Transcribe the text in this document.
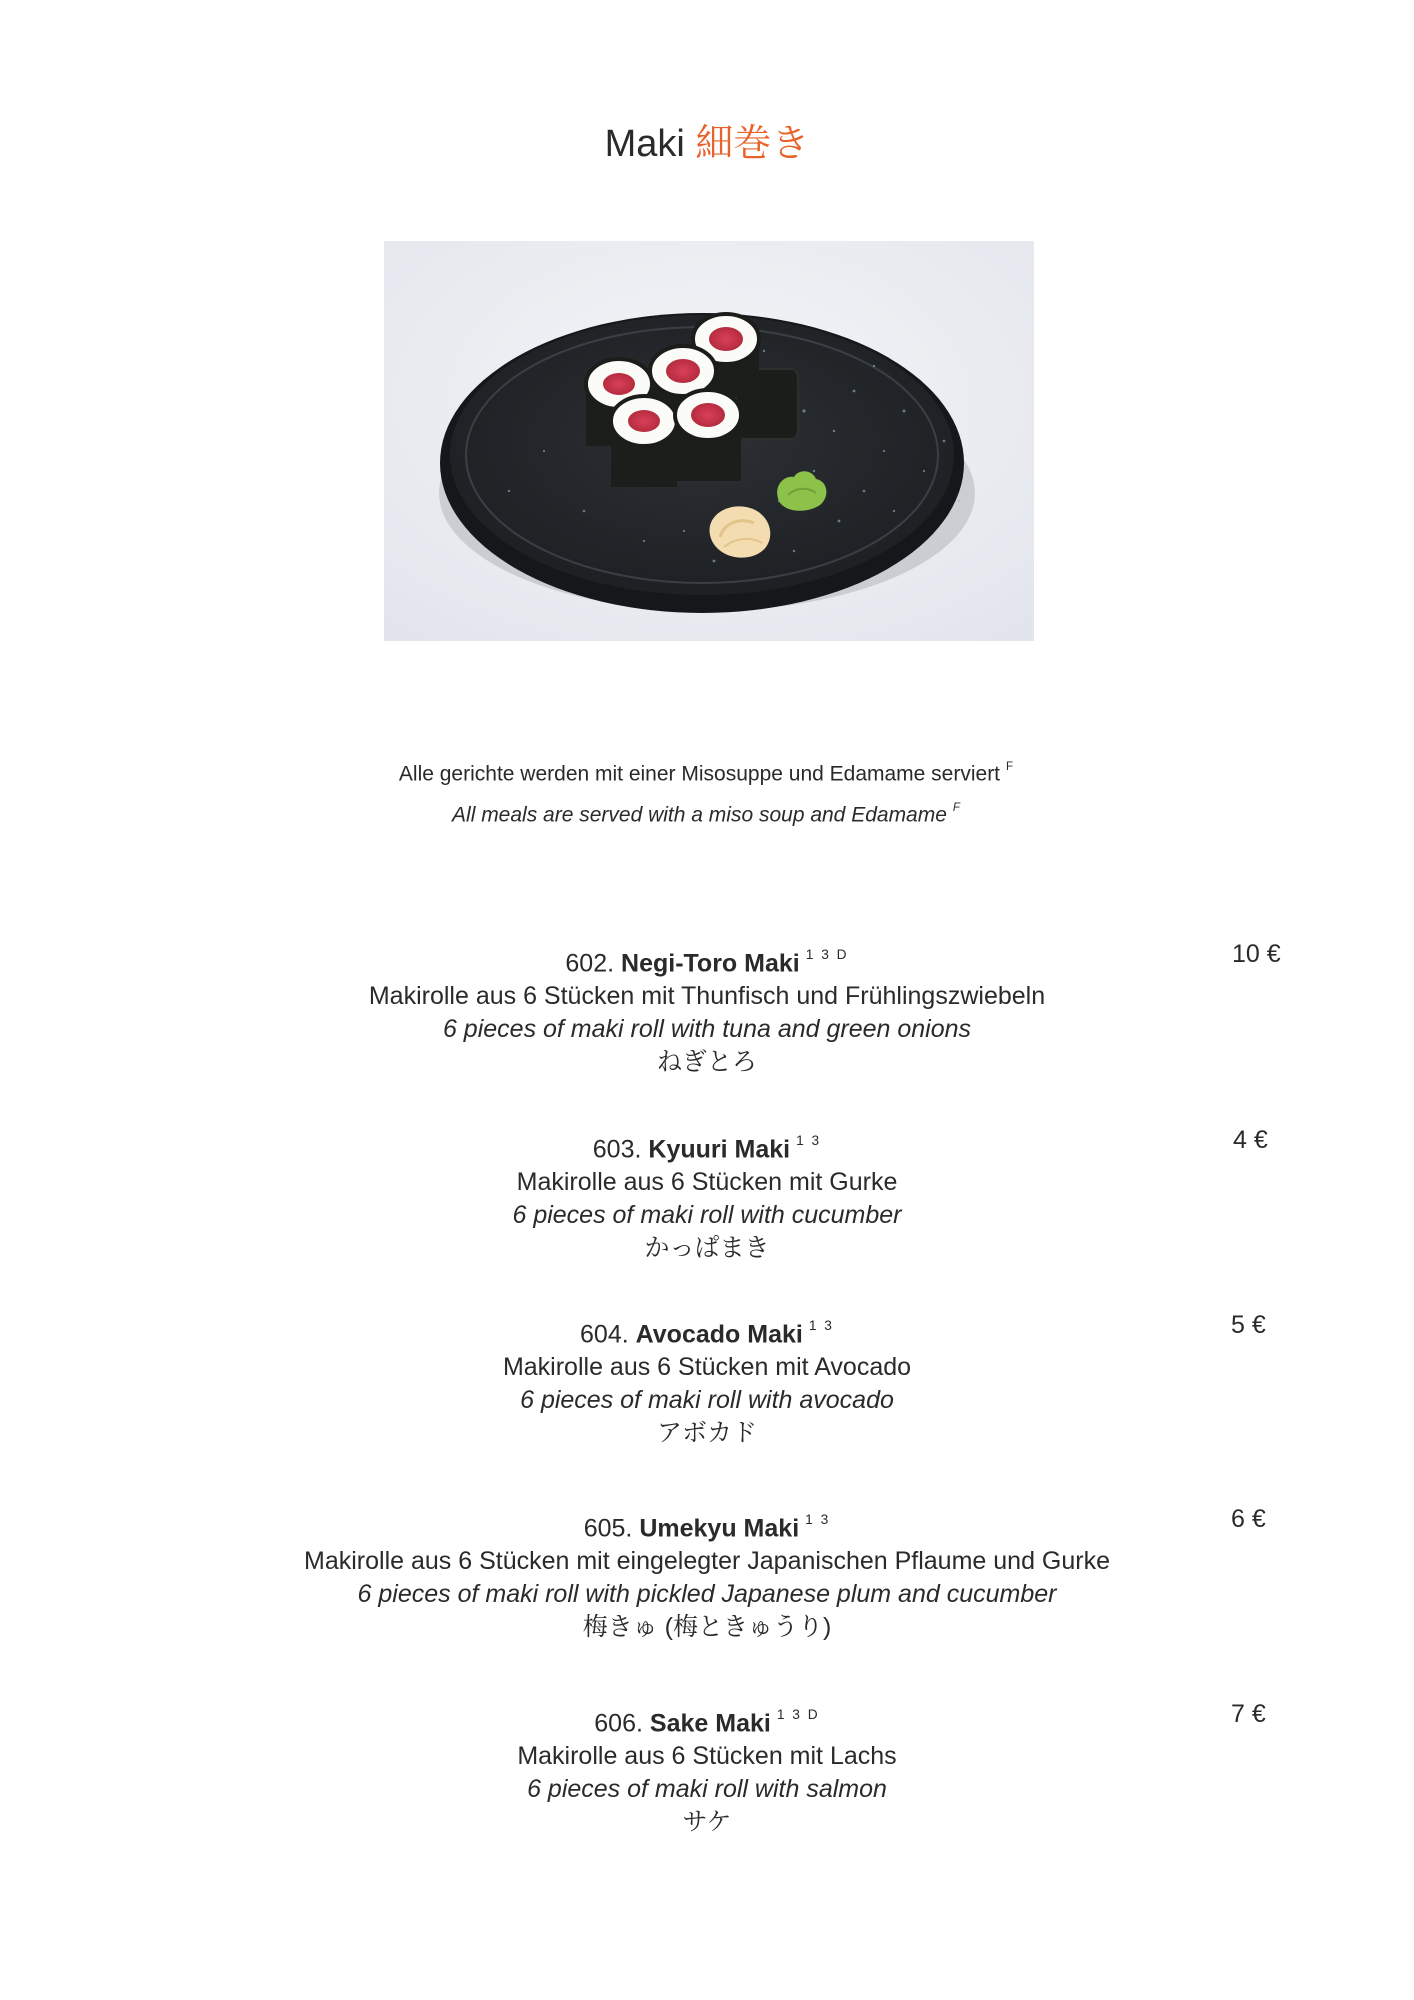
Maki 細巻き
Alle gerichte werden mit einer Misosuppe und Edamame serviert $^F$
All meals are served with a miso soup and Edamame $^F$
602. Negi-Toro Maki $^{1 3 D}$
Makirolle aus 6 Stücken mit Thunfisch und Frühlingszwiebeln
6 pieces of maki roll with tuna and green onions
ねぎとろ
10 €
603. Kyuuri Maki $^{1 3}$
Makirolle aus 6 Stücken mit Gurke
6 pieces of maki roll with cucumber
かっぱまき
4 €
604. Avocado Maki $^{1 3}$
Makirolle aus 6 Stücken mit Avocado
6 pieces of maki roll with avocado
アボカド
5 €
605. Umekyu Maki $^{1 3}$
Makirolle aus 6 Stücken mit eingelegter Japanischen Pflaume und Gurke
6 pieces of maki roll with pickled Japanese plum and cucumber
梅きゅ (梅ときゅうり)
6 €
606. Sake Maki $^{1 3 D}$
Makirolle aus 6 Stücken mit Lachs
6 pieces of maki roll with salmon
サケ
7 €
